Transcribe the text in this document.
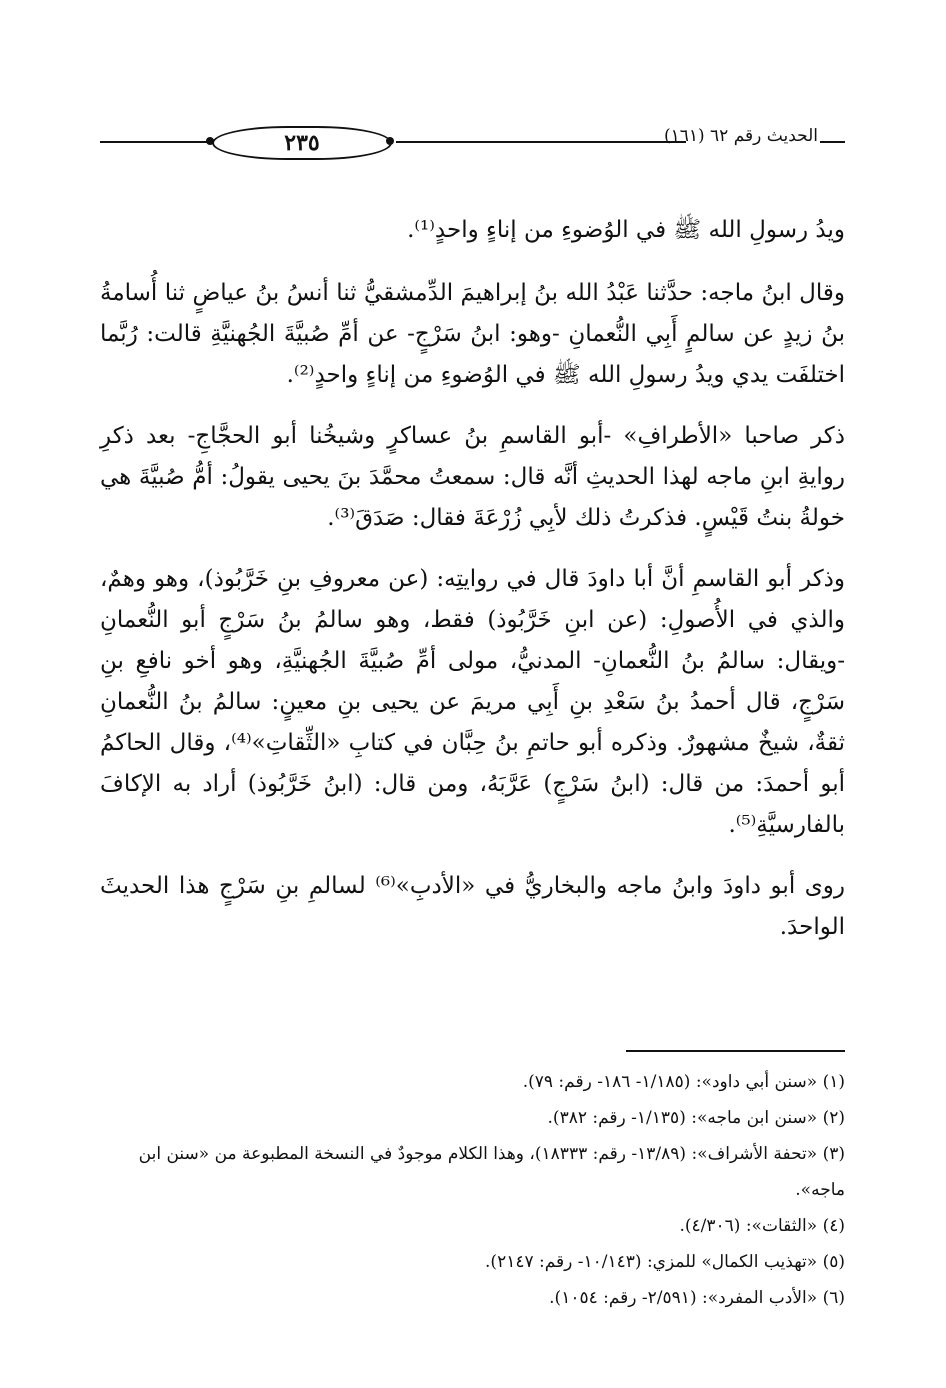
٢٣٥	الحديث رقم ٦٢ (١٦١)

ويدُ رسولِ الله ﷺ في الوُضوءِ من إناءٍ واحدٍ⁽¹⁾.

وقال ابنُ ماجه: حدَّثنا عَبْدُ الله بنُ إبراهيمَ الدِّمشقيُّ ثنا أنسُ بنُ عياضٍ ثنا أُسامةُ بنُ زيدٍ عن سالمٍ أَبِي النُّعمانِ -وهو: ابنُ سَرْجٍ- عن أمِّ صُبيَّةَ الجُهنيَّةِ قالت: رُبَّما اختلفَت يدي ويدُ رسولِ الله ﷺ في الوُضوءِ من إناءٍ واحدٍ⁽²⁾.

ذكر صاحبا «الأطرافِ» -أبو القاسمِ بنُ عساكرٍ وشيخُنا أبو الحجَّاجِ- بعد ذكرِ روايةِ ابنِ ماجه لهذا الحديثِ أنَّه قال: سمعتُ محمَّدَ بنَ يحيى يقولُ: أمُّ صُبيَّةَ هي خولةُ بنتُ قَيْسٍ. فذكرتُ ذلك لأبِي زُرْعَةَ فقال: صَدَقَ⁽³⁾.

وذكر أبو القاسمِ أنَّ أبا داودَ قال في روايتِه: (عن معروفِ بنِ خَرَّبُوذ)، وهو وهمٌ، والذي في الأُصولِ: (عن ابنِ خَرَّبُوذ) فقط، وهو سالمُ بنُ سَرْجٍ أبو النُّعمانِ -ويقال: سالمُ بنُ النُّعمانِ- المدنيُّ، مولى أمِّ صُبيَّةَ الجُهنيَّةِ، وهو أخو نافعِ بنِ سَرْجٍ، قال أحمدُ بنُ سَعْدِ بنِ أَبِي مريمَ عن يحيى بنِ معينٍ: سالمُ بنُ النُّعمانِ ثقةٌ، شيخٌ مشهورٌ. وذكره أبو حاتمِ بنُ حِبَّان في كتابِ «الثِّقاتِ»⁽⁴⁾، وقال الحاكمُ أبو أحمدَ: من قال: (ابنُ سَرْجٍ) عَرَّبَهُ، ومن قال: (ابنُ خَرَّبُوذ) أراد به الإكافَ بالفارسيَّةِ⁽⁵⁾.

روى أبو داودَ وابنُ ماجه والبخاريُّ في «الأدبِ»⁽⁶⁾ لسالمِ بنِ سَرْجٍ هذا الحديثَ الواحدَ.

(١) «سنن أبي داود»: (١/١٨٥- ١٨٦- رقم: ٧٩).
(٢) «سنن ابن ماجه»: (١/١٣٥- رقم: ٣٨٢).
(٣) «تحفة الأشراف»: (١٣/٨٩- رقم: ١٨٣٣٣)، وهذا الكلام موجودٌ في النسخة المطبوعة من «سنن ابن ماجه».
(٤) «الثقات»: (٤/٣٠٦).
(٥) «تهذيب الكمال» للمزي: (١٠/١٤٣- رقم: ٢١٤٧).
(٦) «الأدب المفرد»: (٢/٥٩١- رقم: ١٠٥٤).
